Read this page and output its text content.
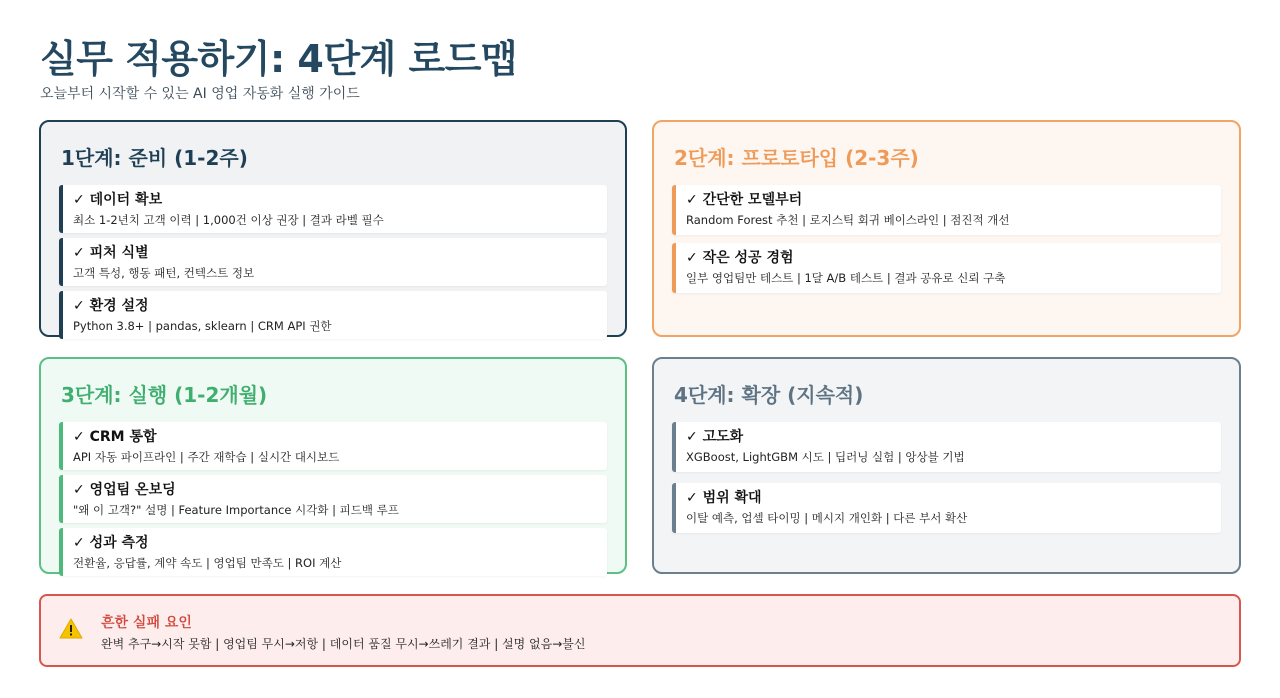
실무 적용하기: 4단계 로드맵
오늘부터 시작할 수 있는 AI 영업 자동화 실행 가이드
1단계: 준비 (1-2주)
✓ 데이터 확보
최소 1-2년치 고객 이력 | 1,000건 이상 권장 | 결과 라벨 필수
✓ 피처 식별
고객 특성, 행동 패턴, 컨텍스트 정보
✓ 환경 설정
Python 3.8+ | pandas, sklearn | CRM API 권한
2단계: 프로토타입 (2-3주)
✓ 간단한 모델부터
Random Forest 추천 | 로지스틱 회귀 베이스라인 | 점진적 개선
✓ 작은 성공 경험
일부 영업팀만 테스트 | 1달 A/B 테스트 | 결과 공유로 신뢰 구축
3단계: 실행 (1-2개월)
✓ CRM 통합
API 자동 파이프라인 | 주간 재학습 | 실시간 대시보드
✓ 영업팀 온보딩
"왜 이 고객?" 설명 | Feature Importance 시각화 | 피드백 루프
✓ 성과 측정
전환율, 응답률, 계약 속도 | 영업팀 만족도 | ROI 계산
4단계: 확장 (지속적)
✓ 고도화
XGBoost, LightGBM 시도 | 딥러닝 실험 | 앙상블 기법
✓ 범위 확대
이탈 예측, 업셀 타이밍 | 메시지 개인화 | 다른 부서 확산
흔한 실패 요인
완벽 추구→시작 못함 | 영업팀 무시→저항 | 데이터 품질 무시→쓰레기 결과 | 설명 없음→불신
